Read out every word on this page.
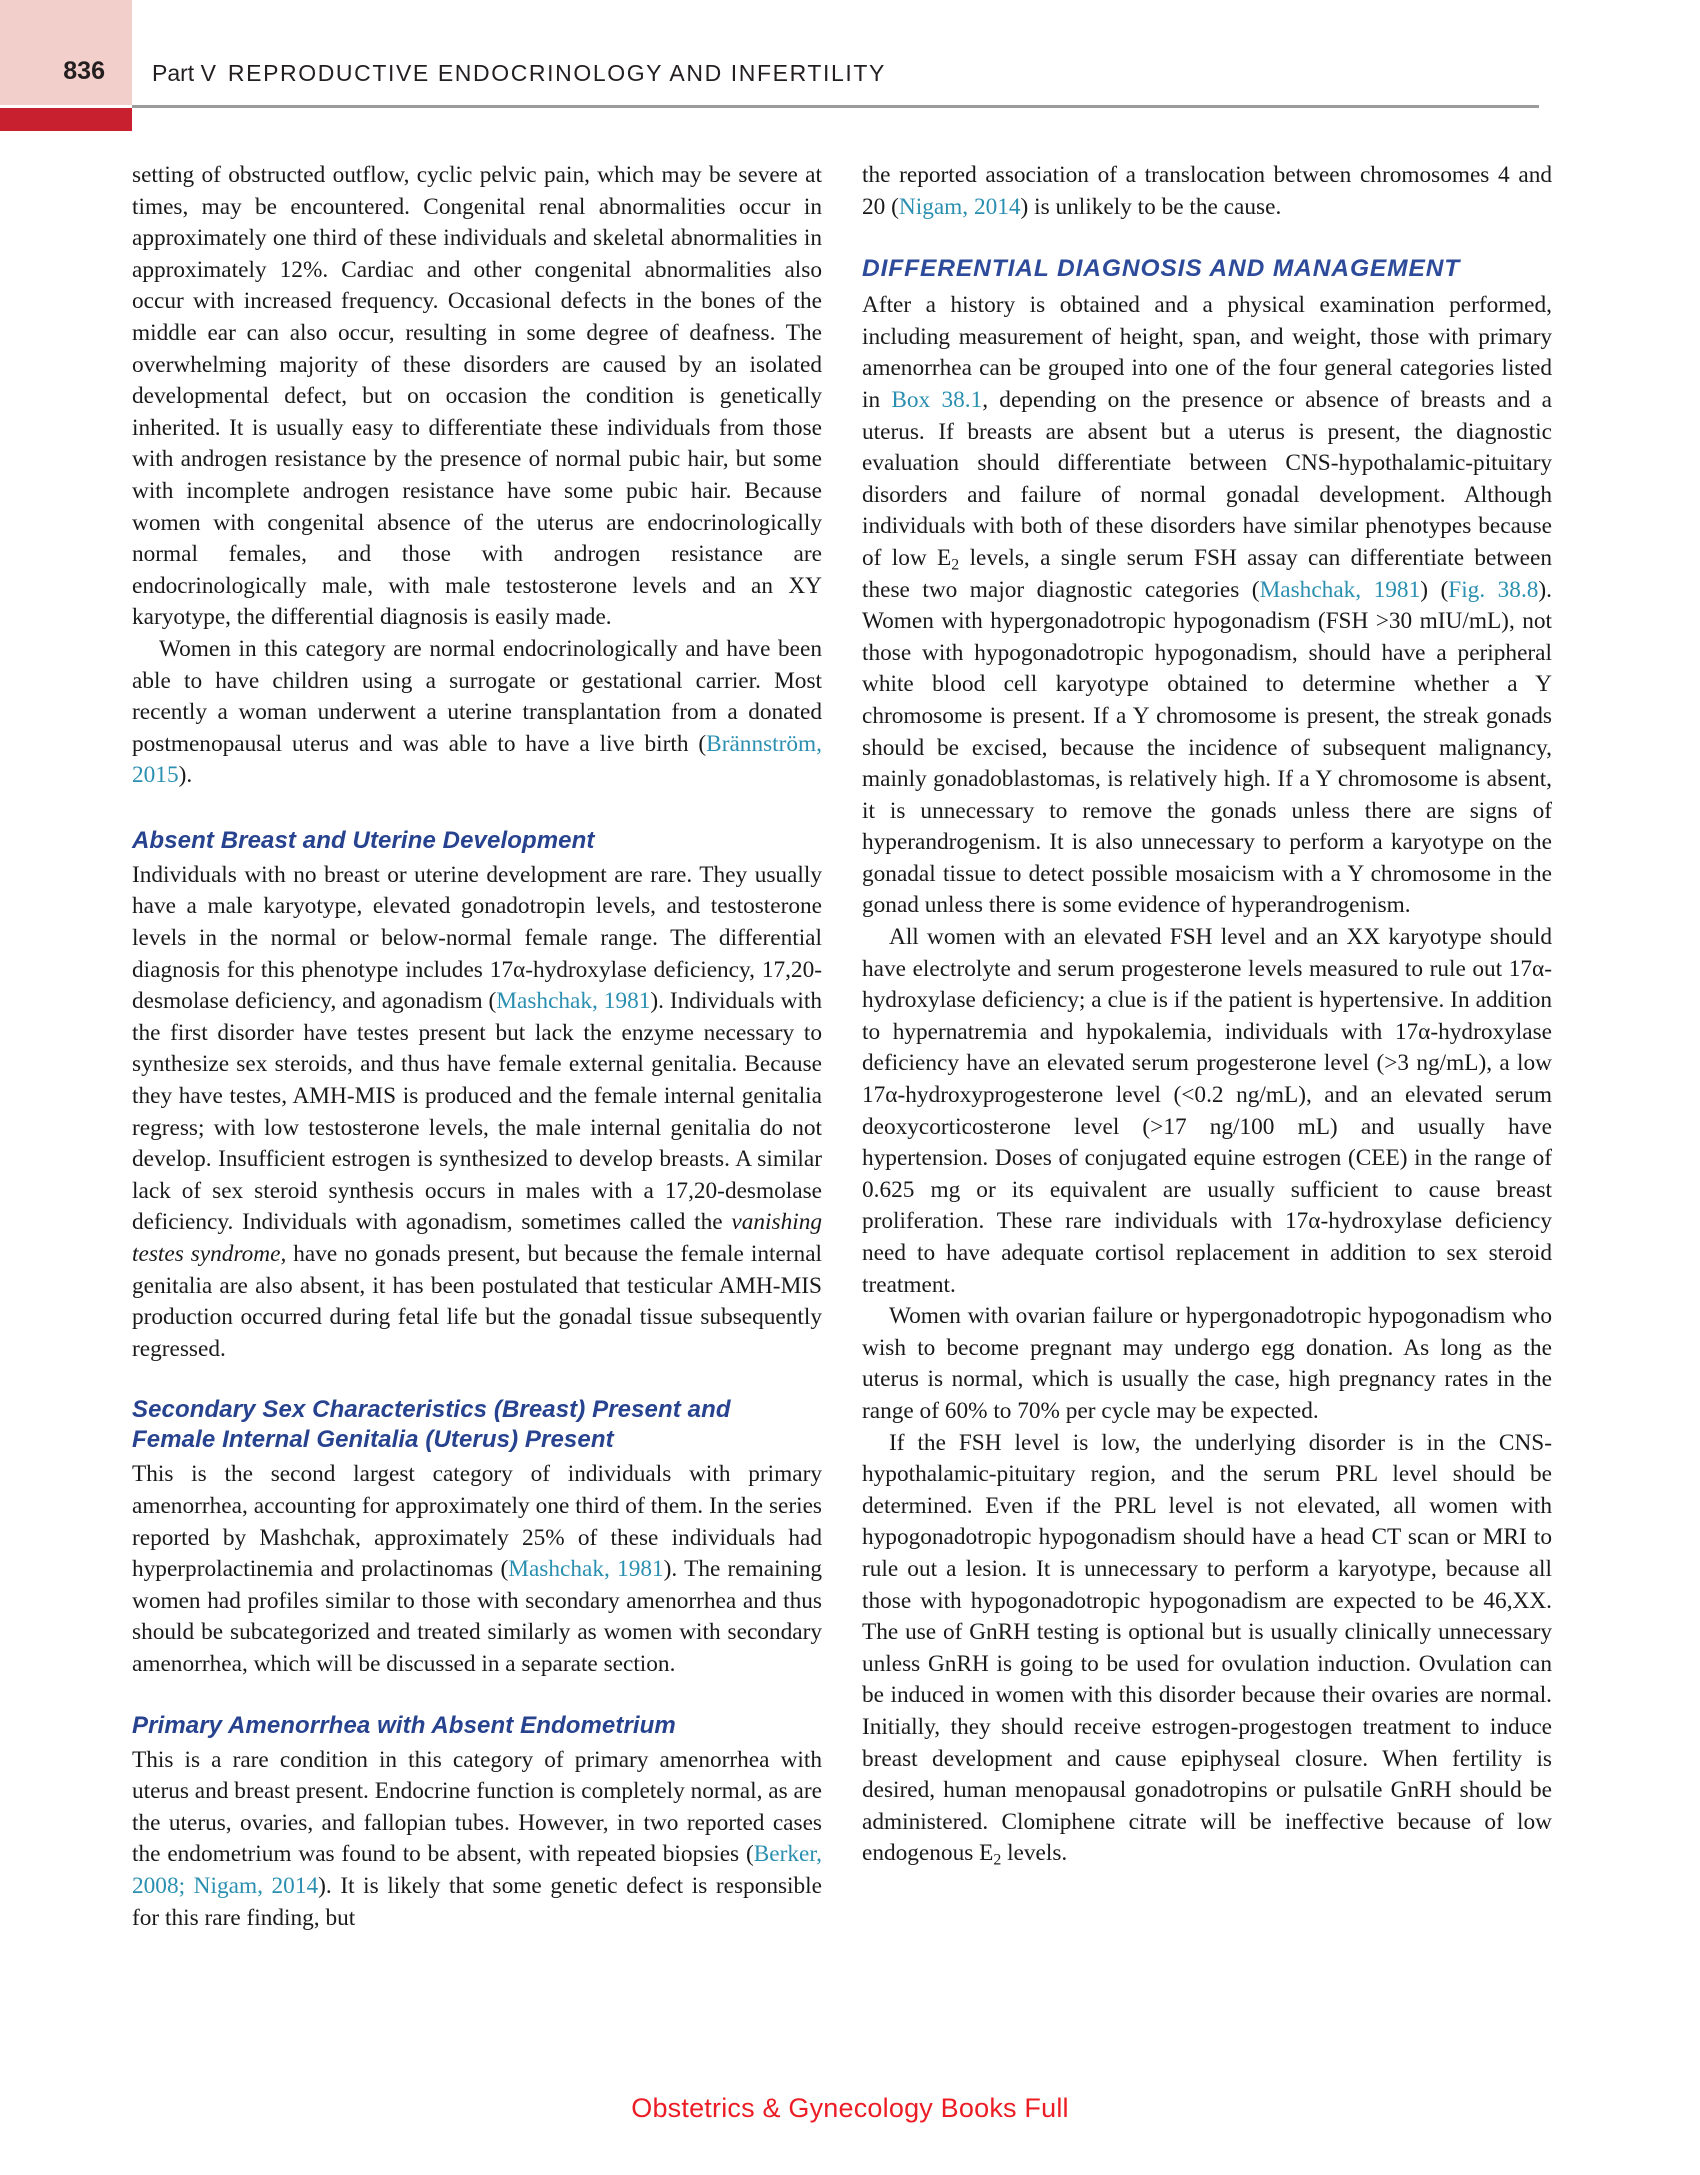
836 Part V REPRODUCTIVE ENDOCRINOLOGY AND INFERTILITY

setting of obstructed outflow, cyclic pelvic pain, which may be severe at times, may be encountered. Congenital renal abnormalities occur in approximately one third of these individuals and skeletal abnormalities in approximately 12%. Cardiac and other congenital abnormalities also occur with increased frequency. Occasional defects in the bones of the middle ear can also occur, resulting in some degree of deafness. The overwhelming majority of these disorders are caused by an isolated developmental defect, but on occasion the condition is genetically inherited. It is usually easy to differentiate these individuals from those with androgen resistance by the presence of normal pubic hair, but some with incomplete androgen resistance have some pubic hair. Because women with congenital absence of the uterus are endocrinologically normal females, and those with androgen resistance are endocrinologically male, with male testosterone levels and an XY karyotype, the differential diagnosis is easily made.

Women in this category are normal endocrinologically and have been able to have children using a surrogate or gestational carrier. Most recently a woman underwent a uterine transplantation from a donated postmenopausal uterus and was able to have a live birth (Brännström, 2015).

Absent Breast and Uterine Development

Individuals with no breast or uterine development are rare. They usually have a male karyotype, elevated gonadotropin levels, and testosterone levels in the normal or below-normal female range. The differential diagnosis for this phenotype includes 17α-hydroxylase deficiency, 17,20-desmolase deficiency, and agonadism (Mashchak, 1981). Individuals with the first disorder have testes present but lack the enzyme necessary to synthesize sex steroids, and thus have female external genitalia. Because they have testes, AMH-MIS is produced and the female internal genitalia regress; with low testosterone levels, the male internal genitalia do not develop. Insufficient estrogen is synthesized to develop breasts. A similar lack of sex steroid synthesis occurs in males with a 17,20-desmolase deficiency. Individuals with agonadism, sometimes called the vanishing testes syndrome, have no gonads present, but because the female internal genitalia are also absent, it has been postulated that testicular AMH-MIS production occurred during fetal life but the gonadal tissue subsequently regressed.

Secondary Sex Characteristics (Breast) Present and
Female Internal Genitalia (Uterus) Present

This is the second largest category of individuals with primary amenorrhea, accounting for approximately one third of them. In the series reported by Mashchak, approximately 25% of these individuals had hyperprolactinemia and prolactinomas (Mashchak, 1981). The remaining women had profiles similar to those with secondary amenorrhea and thus should be subcategorized and treated similarly as women with secondary amenorrhea, which will be discussed in a separate section.

Primary Amenorrhea with Absent Endometrium

This is a rare condition in this category of primary amenorrhea with uterus and breast present. Endocrine function is completely normal, as are the uterus, ovaries, and fallopian tubes. However, in two reported cases the endometrium was found to be absent, with repeated biopsies (Berker, 2008; Nigam, 2014). It is likely that some genetic defect is responsible for this rare finding, but

the reported association of a translocation between chromosomes 4 and 20 (Nigam, 2014) is unlikely to be the cause.

DIFFERENTIAL DIAGNOSIS AND MANAGEMENT

After a history is obtained and a physical examination performed, including measurement of height, span, and weight, those with primary amenorrhea can be grouped into one of the four general categories listed in Box 38.1, depending on the presence or absence of breasts and a uterus. If breasts are absent but a uterus is present, the diagnostic evaluation should differentiate between CNS-hypothalamic-pituitary disorders and failure of normal gonadal development. Although individuals with both of these disorders have similar phenotypes because of low $E_2$ levels, a single serum FSH assay can differentiate between these two major diagnostic categories (Mashchak, 1981) (Fig. 38.8). Women with hypergonadotropic hypogonadism (FSH >30 mIU/mL), not those with hypogonadotropic hypogonadism, should have a peripheral white blood cell karyotype obtained to determine whether a Y chromosome is present. If a Y chromosome is present, the streak gonads should be excised, because the incidence of subsequent malignancy, mainly gonadoblastomas, is relatively high. If a Y chromosome is absent, it is unnecessary to remove the gonads unless there are signs of hyperandrogenism. It is also unnecessary to perform a karyotype on the gonadal tissue to detect possible mosaicism with a Y chromosome in the gonad unless there is some evidence of hyperandrogenism.

All women with an elevated FSH level and an XX karyotype should have electrolyte and serum progesterone levels measured to rule out 17α-hydroxylase deficiency; a clue is if the patient is hypertensive. In addition to hypernatremia and hypokalemia, individuals with 17α-hydroxylase deficiency have an elevated serum progesterone level (>3 ng/mL), a low 17α-hydroxyprogesterone level (<0.2 ng/mL), and an elevated serum deoxycorticosterone level (>17 ng/100 mL) and usually have hypertension. Doses of conjugated equine estrogen (CEE) in the range of 0.625 mg or its equivalent are usually sufficient to cause breast proliferation. These rare individuals with 17α-hydroxylase deficiency need to have adequate cortisol replacement in addition to sex steroid treatment.

Women with ovarian failure or hypergonadotropic hypogonadism who wish to become pregnant may undergo egg donation. As long as the uterus is normal, which is usually the case, high pregnancy rates in the range of 60% to 70% per cycle may be expected.

If the FSH level is low, the underlying disorder is in the CNS-hypothalamic-pituitary region, and the serum PRL level should be determined. Even if the PRL level is not elevated, all women with hypogonadotropic hypogonadism should have a head CT scan or MRI to rule out a lesion. It is unnecessary to perform a karyotype, because all those with hypogonadotropic hypogonadism are expected to be 46,XX. The use of GnRH testing is optional but is usually clinically unnecessary unless GnRH is going to be used for ovulation induction. Ovulation can be induced in women with this disorder because their ovaries are normal. Initially, they should receive estrogen-progestogen treatment to induce breast development and cause epiphyseal closure. When fertility is desired, human menopausal gonadotropins or pulsatile GnRH should be administered. Clomiphene citrate will be ineffective because of low endogenous $E_2$ levels.

Obstetrics & Gynecology Books Full
